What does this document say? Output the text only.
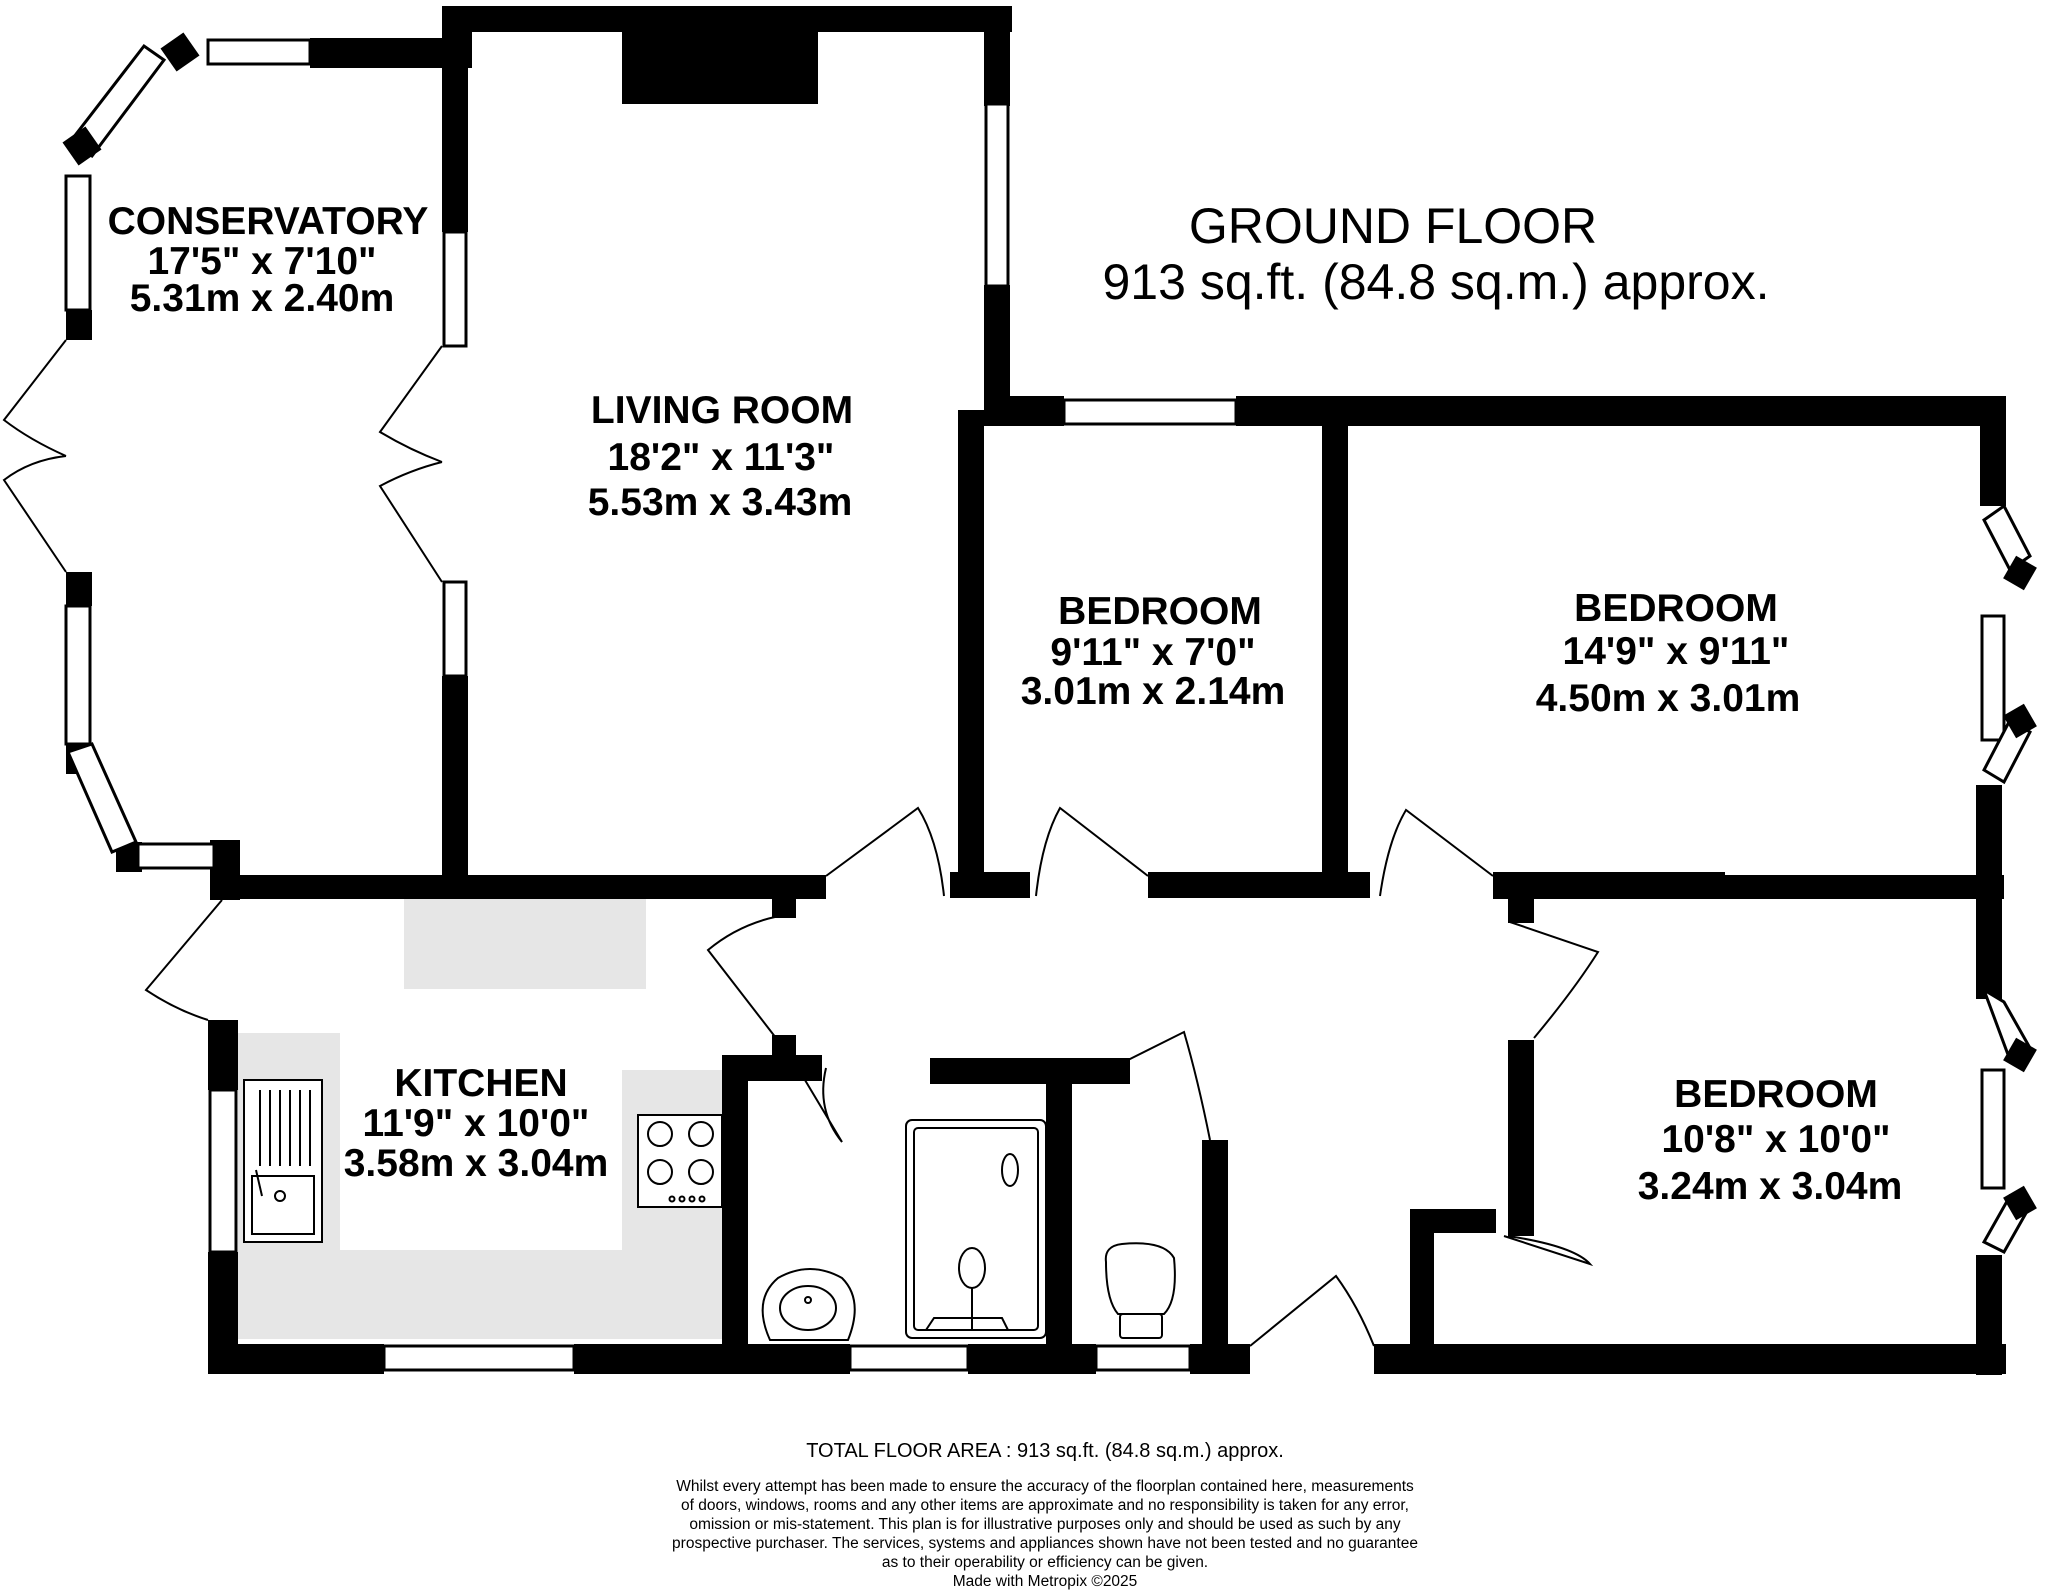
GROUND FLOOR
913 sq.ft. (84.8 sq.m.) approx.
CONSERVATORY
17'5" x 7'10"
5.31m x 2.40m
LIVING ROOM
18'2" x 11'3"
5.53m x 3.43m
BEDROOM
9'11" x 7'0"
3.01m x 2.14m
BEDROOM
14'9" x 9'11"
4.50m x 3.01m
BEDROOM
10'8" x 10'0"
3.24m x 3.04m
KITCHEN
11'9" x 10'0"
3.58m x 3.04m
TOTAL FLOOR AREA : 913 sq.ft. (84.8 sq.m.) approx.
Whilst every attempt has been made to ensure the accuracy of the floorplan contained here, measurements
of doors, windows, rooms and any other items are approximate and no responsibility is taken for any error,
omission or mis-statement. This plan is for illustrative purposes only and should be used as such by any
prospective purchaser. The services, systems and appliances shown have not been tested and no guarantee
as to their operability or efficiency can be given.
Made with Metropix ©2025
